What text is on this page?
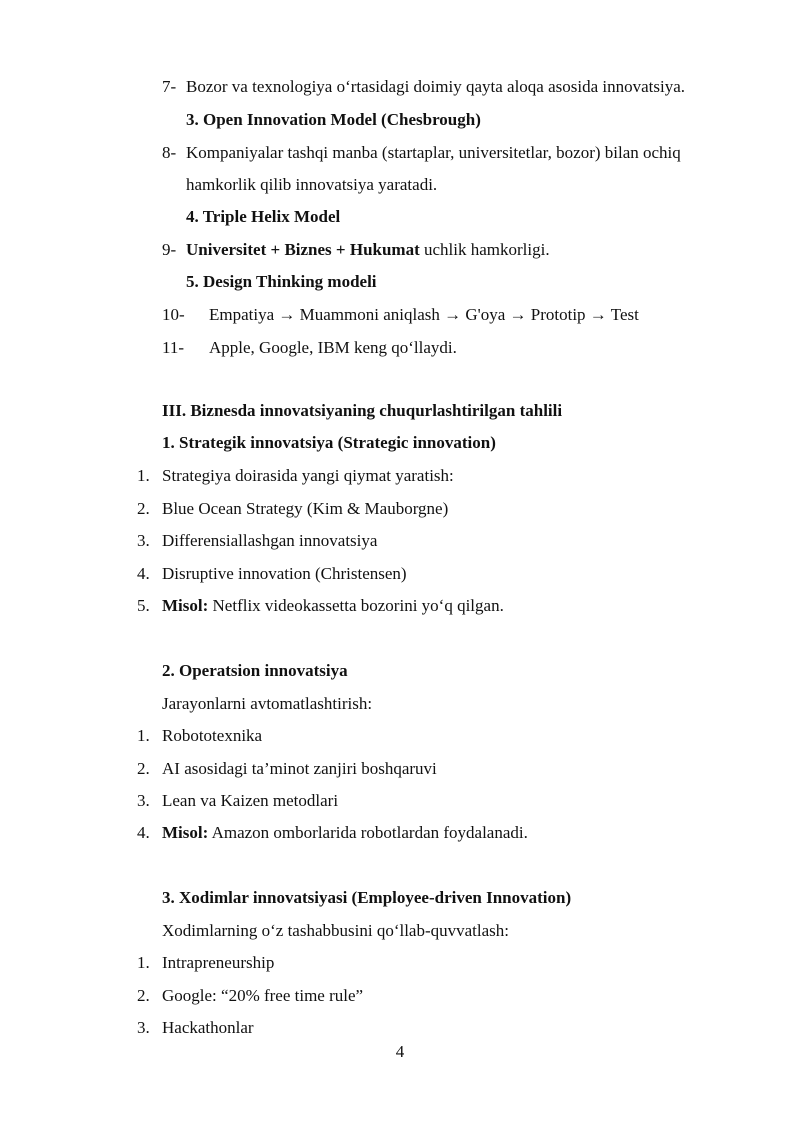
7- Bozor va texnologiya o‘rtasidagi doimiy qayta aloqa asosida innovatsiya.
3. Open Innovation Model (Chesbrough)
8- Kompaniyalar tashqi manba (startaplar, universitetlar, bozor) bilan ochiq
hamkorlik qilib innovatsiya yaratadi.
4. Triple Helix Model
9- Universitet + Biznes + Hukumat uchlik hamkorligi.
5. Design Thinking modeli
10- Empatiya → Muammoni aniqlash → G'oya → Prototip → Test
11- Apple, Google, IBM keng qo‘llaydi.
III. Biznesda innovatsiyaning chuqurlashtirilgan tahlili
1. Strategik innovatsiya (Strategic innovation)
1. Strategiya doirasida yangi qiymat yaratish:
2. Blue Ocean Strategy (Kim & Mauborgne)
3. Differensiallashgan innovatsiya
4. Disruptive innovation (Christensen)
5. Misol: Netflix videokassetta bozorini yo‘q qilgan.
2. Operatsion innovatsiya
Jarayonlarni avtomatlashtirish:
1. Robototexnika
2. AI asosidagi ta’minot zanjiri boshqaruvi
3. Lean va Kaizen metodlari
4. Misol: Amazon omborlarida robotlardan foydalanadi.
3. Xodimlar innovatsiyasi (Employee-driven Innovation)
Xodimlarning o‘z tashabbusini qo‘llab-quvvatlash:
1. Intrapreneurship
2. Google: “20% free time rule”
3. Hackathonlar
4
